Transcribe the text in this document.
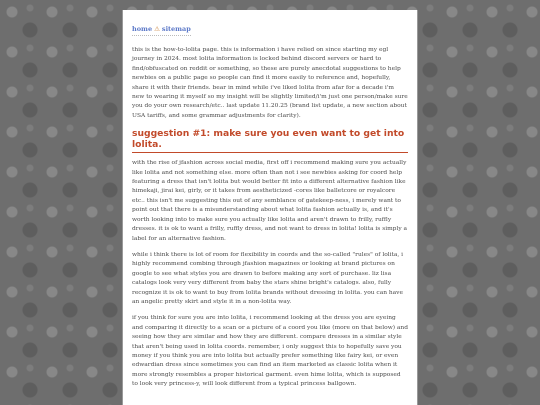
home ⚠ sitemap

this is the how-to-lolita page. this is information i have relied on since starting my egl journey in 2024. most lolita information is locked behind discord servers or hard to find/obfuscated on reddit or something, so these are purely anecdotal suggestions to help newbies on a public page so people can find it more easily to reference and, hopefully, share it with their friends. bear in mind while i've liked lolita from afar for a decade i'm new to wearing it myself so my insight will be slightly limited/i'm just one person/make sure you do your own research/etc.. last update 11.20.25 (brand list update, a new section about USA tariffs, and some grammar adjustments for clarity).

suggestion #1: make sure you even want to get into lolita.

with the rise of jfashion across social media, first off i recommend making sure you actually like lolita and not something else. more often than not i see newbies asking for coord help featuring a dress that isn't lolita but would better fit into a different alternative fashion like himekaji, jirai kei, girly, or it takes from aestheticized -cores like balletcore or royalcore etc.. this isn't me suggesting this out of any semblance of gatekeep-ness, i merely want to point out that there is a misunderstanding about what lolita fashion actually is, and it's worth looking into to make sure you actually like lolita and aren't drawn to frilly, ruffly dresses. it is ok to want a frilly, ruffly dress, and not want to dress in lolita! lolita is simply a label for an alternative fashion.

while i think there is lot of room for flexibility in coords and the so-called "rules" of lolita, i highly recommend combing through jfashion magazines or looking at brand pictures on google to see what styles you are drawn to before making any sort of purchase. liz lisa catalogs look very very different from baby the stars shine bright's catalogs. also, fully recognize it is ok to want to buy from lolita brands without dressing in lolita. you can have an angelic pretty skirt and style it in a non-lolita way.

if you think for sure you are into lolita, i recommend looking at the dress you are eyeing and comparing it directly to a scan or a picture of a coord you like (more on that below) and seeing how they are similar and how they are different. compare dresses in a similar style that aren't being used in lolita coords. remember, i only suggest this to hopefully save you money if you think you are into lolita but actually prefer something like fairy kei, or even edwardian dress since sometimes you can find an item marketed as classic lolita when it more strongly resembles a proper historical garment. even hime lolita, which is supposed to look very princess-y, will look different from a typical princess ballgown.
